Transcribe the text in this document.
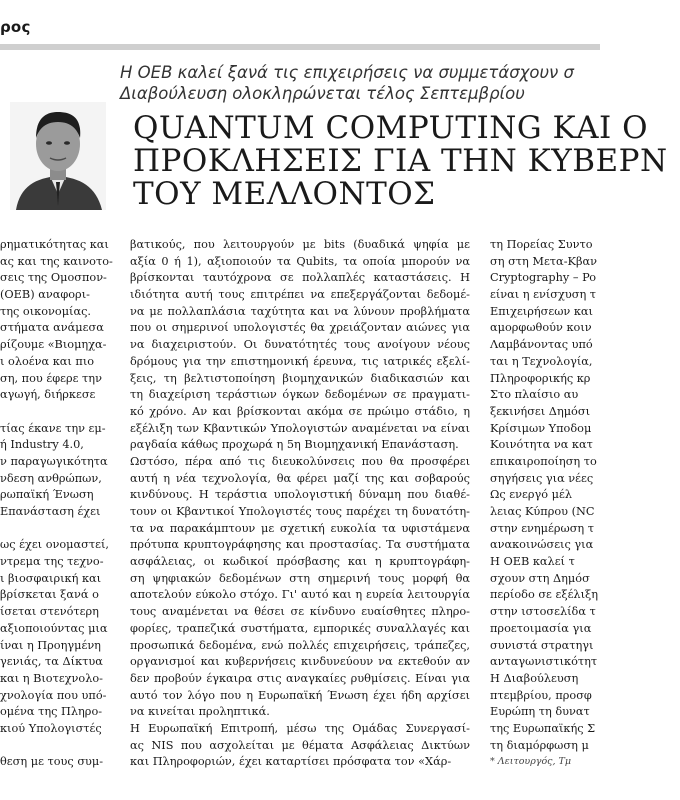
ρος
Η ΟΕΒ καλεί ξανά τις επιχειρήσεις να συμμετάσχουν σ
Διαβούλευση ολοκληρώνεται τέλος Σεπτεμβρίου
QUANTUM COMPUTING ΚΑΙ Ο
ΠΡΟΚΛΗΣΕΙΣ ΓΙΑ ΤΗΝ ΚΥΒΕΡΝ
ΤΟΥ ΜΕΛΛΟΝΤΟΣ
ρηματικότητας και
ας και της καινοτο-
σεις της Ομοσπον-
(ΟΕΒ) αναφορι-
της οικονομίας.
στήματα ανάμεσα
ρίζουμε «Βιομηχα-
ι ολοένα και πιο
ση, που έφερε την
αγωγή, διήρκεσε
τίας έκανε την εμ-
ή Industry 4.0,
ν παραγωγικότητα
νδεση ανθρώπων,
ρωπαϊκή Ένωση
Επανάσταση έχει
ως έχει ονομαστεί,
ντρεμα της τεχνο-
ι βιοσφαιρική και
βρίσκεται ξανά ο
ίσεται στενότερη
αξιοποιούντας μια
ίναι η Προηγμένη
γενιάς, τα Δίκτυα
και η Βιοτεχνολο-
χνολογία που υπό-
ομένα της Πληρο-
κιού Υπολογιστές
θεση με τους συμ-
βατικούς, που λειτουργούν με bits (δυαδικά ψηφία με
αξία 0 ή 1), αξιοποιούν τα Qubits, τα οποία μπορούν να
βρίσκονται ταυτόχρονα σε πολλαπλές καταστάσεις. Η
ιδιότητα αυτή τους επιτρέπει να επεξεργάζονται δεδομέ-
να με πολλαπλάσια ταχύτητα και να λύνουν προβλήματα
που οι σημερινοί υπολογιστές θα χρειάζονταν αιώνες για
να διαχειριστούν. Οι δυνατότητές τους ανοίγουν νέους
δρόμους για την επιστημονική έρευνα, τις ιατρικές εξελί-
ξεις, τη βελτιστοποίηση βιομηχανικών διαδικασιών και
τη διαχείριση τεράστιων όγκων δεδομένων σε πραγματι-
κό χρόνο. Αν και βρίσκονται ακόμα σε πρώιμο στάδιο, η
εξέλιξη των Κβαντικών Υπολογιστών αναμένεται να είναι
ραγδαία κάθως προχωρά η 5η Βιομηχανική Επανάσταση.
Ωστόσο, πέρα από τις διευκολύνσεις που θα προσφέρει
αυτή η νέα τεχνολογία, θα φέρει μαζί της και σοβαρούς
κινδύνους. Η τεράστια υπολογιστική δύναμη που διαθέ-
τουν οι Κβαντικοί Υπολογιστές τους παρέχει τη δυνατότη-
τα να παρακάμπτουν με σχετική ευκολία τα υφιστάμενα
πρότυπα κρυπτογράφησης και προστασίας. Τα συστήματα
ασφάλειας, οι κωδικοί πρόσβασης και η κρυπτογράφη-
ση ψηφιακών δεδομένων στη σημερινή τους μορφή θα
αποτελούν εύκολο στόχο. Γι' αυτό και η ευρεία λειτουργία
τους αναμένεται να θέσει σε κίνδυνο ευαίσθητες πληρο-
φορίες, τραπεζικά συστήματα, εμπορικές συναλλαγές και
προσωπικά δεδομένα, ενώ πολλές επιχειρήσεις, τράπεζες,
οργανισμοί και κυβερνήσεις κινδυνεύουν να εκτεθούν αν
δεν προβούν έγκαιρα στις αναγκαίες ρυθμίσεις. Είναι για
αυτό τον λόγο που η Ευρωπαϊκή Ένωση έχει ήδη αρχίσει
να κινείται προληπτικά.
Η Ευρωπαϊκή Επιτροπή, μέσω της Ομάδας Συνεργασί-
ας NIS που ασχολείται με θέματα Ασφάλειας Δικτύων
και Πληροφοριών, έχει καταρτίσει πρόσφατα τον «Χάρ-
τη Πορείας Συντο
ση στη Μετα-Κβαν
Cryptography – Po
είναι η ενίσχυση τ
Επιχειρήσεων και
αμορφωθούν κοιν
Λαμβάνοντας υπό
ται η Τεχνολογία,
Πληροφορικής κρ
Στο πλαίσιο αυ
ξεκινήσει Δημόσι
Κρίσιμων Υποδομ
Κοινότητα να κατ
επικαιροποίηση το
σηγήσεις για νέες
Ως ενεργό μέλ
λειας Κύπρου (NC
στην ενημέρωση τ
ανακοινώσεις για
Η ΟΕΒ καλεί τ
σχουν στη Δημόσ
περίοδο σε εξέλιξη
στην ιστοσελίδα τ
προετοιμασία για
συνιστά στρατηγι
ανταγωνιστικότητ
Η Διαβούλευση
πτεμβρίου, προσφ
Ευρώπη τη δυνατ
της Ευρωπαϊκής Σ
τη διαμόρφωση μ
* Λειτουργός, Τμ
